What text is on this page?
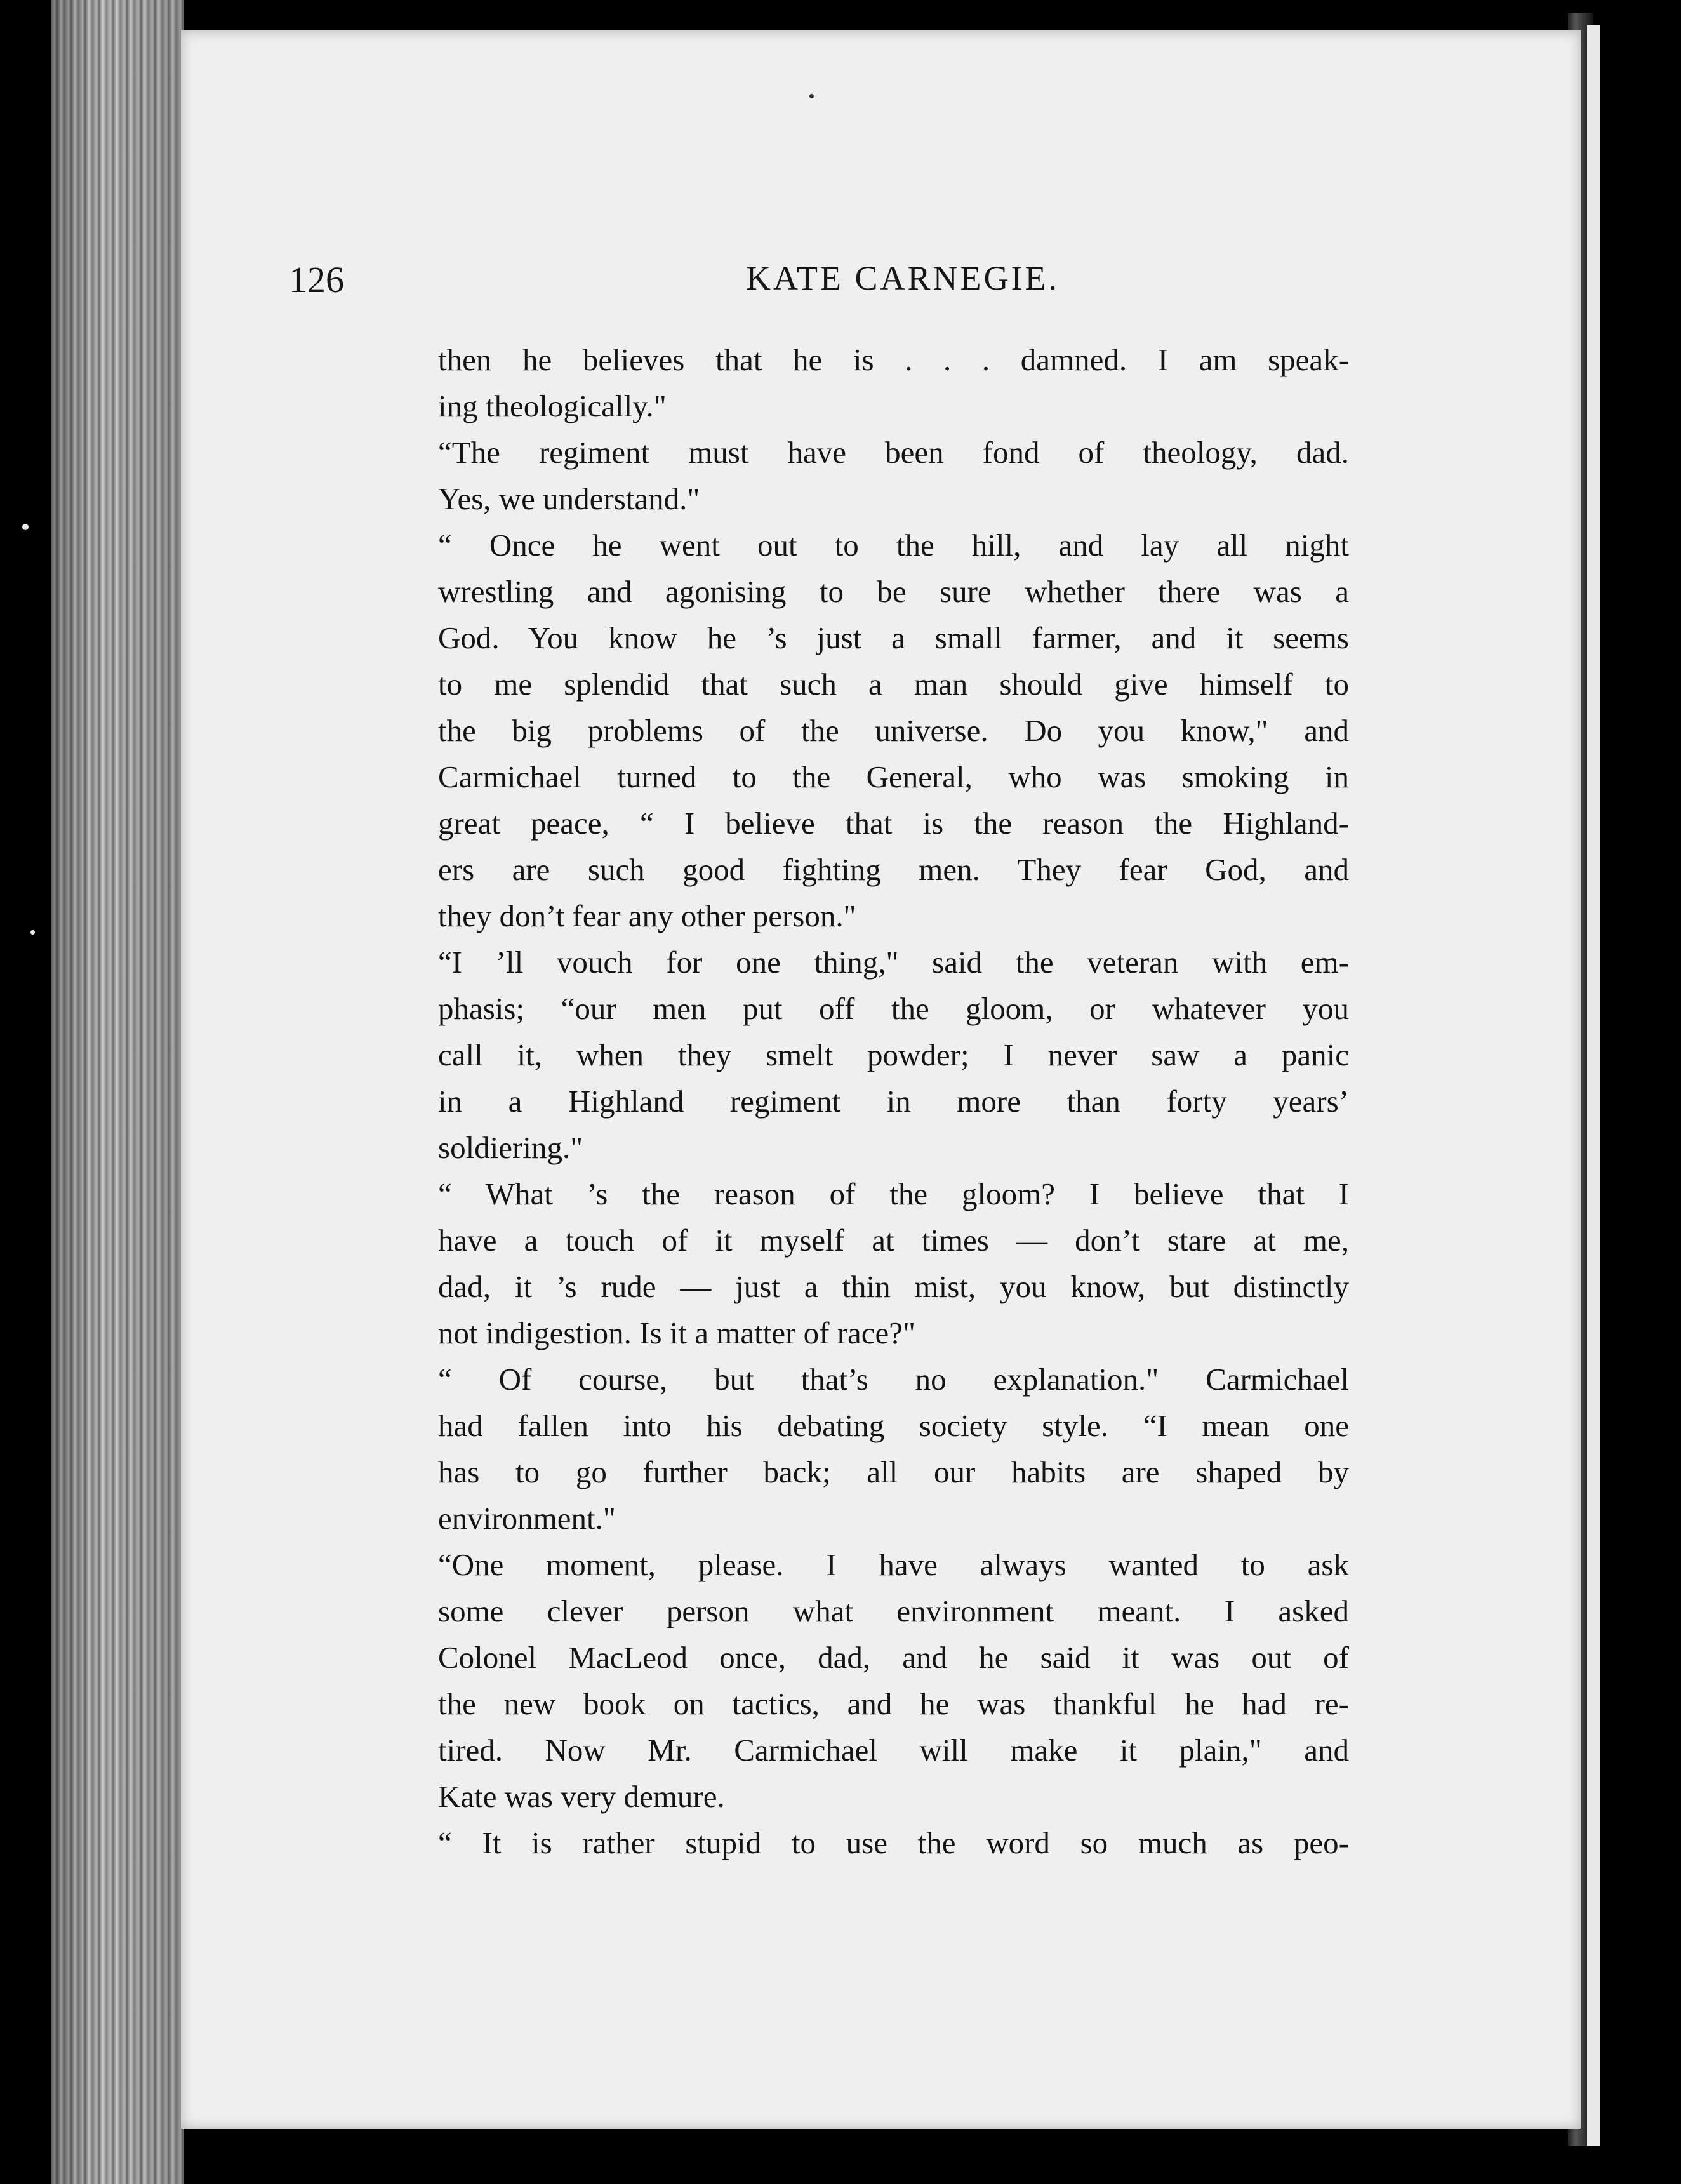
126	KATE CARNEGIE.
then he believes that he is . . . damned. I am speak-
ing theologically."
“The regiment must have been fond of theology, dad.
Yes, we understand."
“ Once he went out to the hill, and lay all night
wrestling and agonising to be sure whether there was a
God. You know he ’s just a small farmer, and it seems
to me splendid that such a man should give himself to
the big problems of the universe. Do you know," and
Carmichael turned to the General, who was smoking in
great peace, “ I believe that is the reason the Highland-
ers are such good fighting men. They fear God, and
they don’t fear any other person."
“I ’ll vouch for one thing," said the veteran with em-
phasis; “our men put off the gloom, or whatever you
call it, when they smelt powder; I never saw a panic
in a Highland regiment in more than forty years’
soldiering."
“ What ’s the reason of the gloom? I believe that I
have a touch of it myself at times — don’t stare at me,
dad, it ’s rude — just a thin mist, you know, but distinctly
not indigestion. Is it a matter of race?"
“ Of course, but that’s no explanation." Carmichael
had fallen into his debating society style. “I mean one
has to go further back; all our habits are shaped by
environment."
“One moment, please. I have always wanted to ask
some clever person what environment meant. I asked
Colonel MacLeod once, dad, and he said it was out of
the new book on tactics, and he was thankful he had re-
tired. Now Mr. Carmichael will make it plain," and
Kate was very demure.
“ It is rather stupid to use the word so much as peo-
